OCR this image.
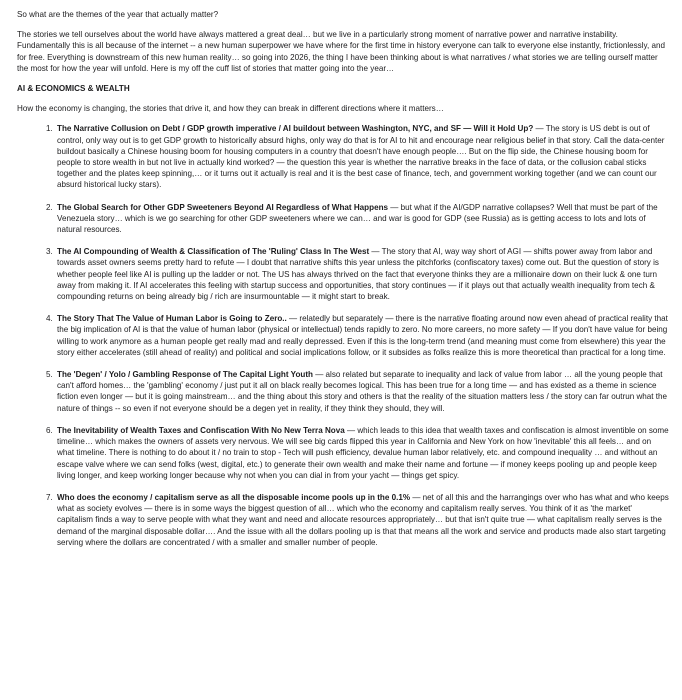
So what are the themes of the year that actually matter?

The stories we tell ourselves about the world have always mattered a great deal… but we live in a particularly strong moment of narrative power and narrative instability. Fundamentally this is all because of the internet -- a new human superpower we have where for the first time in history everyone can talk to everyone else instantly, frictionlessly, and for free. Everything is downstream of this new human reality… so going into 2026, the thing I have been thinking about is what narratives / what stories we are telling ourself matter the most for how the year will unfold. Here is my off the cuff list of stories that matter going into the year…

AI & ECONOMICS & WEALTH

How the economy is changing, the stories that drive it, and how they can break in different directions where it matters…

1. The Narrative Collusion on Debt / GDP growth imperative / AI buildout between Washington, NYC, and SF — Will it Hold Up? — The story is US debt is out of control, only way out is to get GDP growth to historically absurd highs, only way do that is for AI to hit and encourage near religious belief in that story. Call the data-center buildout basically a Chinese housing boom for housing computers in a country that doesn't have enough people…. But on the flip side, the Chinese housing boom for people to store wealth in but not live in actually kind worked? — the question this year is whether the narrative breaks in the face of data, or the collusion cabal sticks together and the plates keep spinning,… or it turns out it actually is real and it is the best case of finance, tech, and government working together (and we can count our absurd historical lucky stars).
2. The Global Search for Other GDP Sweeteners Beyond AI Regardless of What Happens — but what if the AI/GDP narrative collapses? Well that must be part of the Venezuela story… which is we go searching for other GDP sweeteners where we can… and war is good for GDP (see Russia) as is getting access to lots and lots of natural resources.
3. The AI Compounding of Wealth & Classification of The 'Ruling' Class In The West — The story that AI, way way short of AGI — shifts power away from labor and towards asset owners seems pretty hard to refute — I doubt that narrative shifts this year unless the pitchforks (confiscatory taxes) come out. But the question of story is whether people feel like AI is pulling up the ladder or not. The US has always thrived on the fact that everyone thinks they are a millionaire down on their luck & one turn away from making it. If AI accelerates this feeling with startup success and opportunities, that story continues — if it plays out that actually wealth inequality from tech & compounding returns on being already big / rich are insurmountable — it might start to break.
4. The Story That The Value of Human Labor is Going to Zero.. — relatedly but separately — there is the narrative floating around now even ahead of practical reality that the big implication of AI is that the value of human labor (physical or intellectual) tends rapidly to zero. No more careers, no more safety — If you don't have value for being willing to work anymore as a human people get really mad and really depressed. Even if this is the long-term trend (and meaning must come from elsewhere) this year the story either accelerates (still ahead of reality) and political and social implications follow, or it subsides as folks realize this is more theoretical than practical for a long time.
5. The 'Degen' / Yolo / Gambling Response of The Capital Light Youth — also related but separate to inequality and lack of value from labor … all the young people that can't afford homes… the 'gambling' economy / just put it all on black really becomes logical. This has been true for a long time — and has existed as a theme in science fiction even longer — but it is going mainstream… and the thing about this story and others is that the reality of the situation matters less / the story can far outrun what the nature of things -- so even if not everyone should be a degen yet in reality, if they think they should, they will.
6. The Inevitability of Wealth Taxes and Confiscation With No New Terra Nova — which leads to this idea that wealth taxes and confiscation is almost inventible on some timeline… which makes the owners of assets very nervous. We will see big cards flipped this year in California and New York on how 'inevitable' this all feels… and on what timeline. There is nothing to do about it / no train to stop - Tech will push efficiency, devalue human labor relatively, etc. and compound inequality … and without an escape valve where we can send folks (west, digital, etc.) to generate their own wealth and make their name and fortune — if money keeps pooling up and people keep living longer, and keep working longer because why not when you can dial in from your yacht — things get spicy.
7. Who does the economy / capitalism serve as all the disposable income pools up in the 0.1% — net of all this and the harrangings over who has what and who keeps what as society evolves — there is in some ways the biggest question of all… which who the economy and capitalism really serves. You think of it as 'the market' capitalism finds a way to serve people with what they want and need and allocate resources appropriately… but that isn't quite true — what capitalism really serves is the demand of the marginal disposable dollar…. And the issue with all the dollars pooling up is that that means all the work and service and products made also start targeting serving where the dollars are concentrated / with a smaller and smaller number of people.
